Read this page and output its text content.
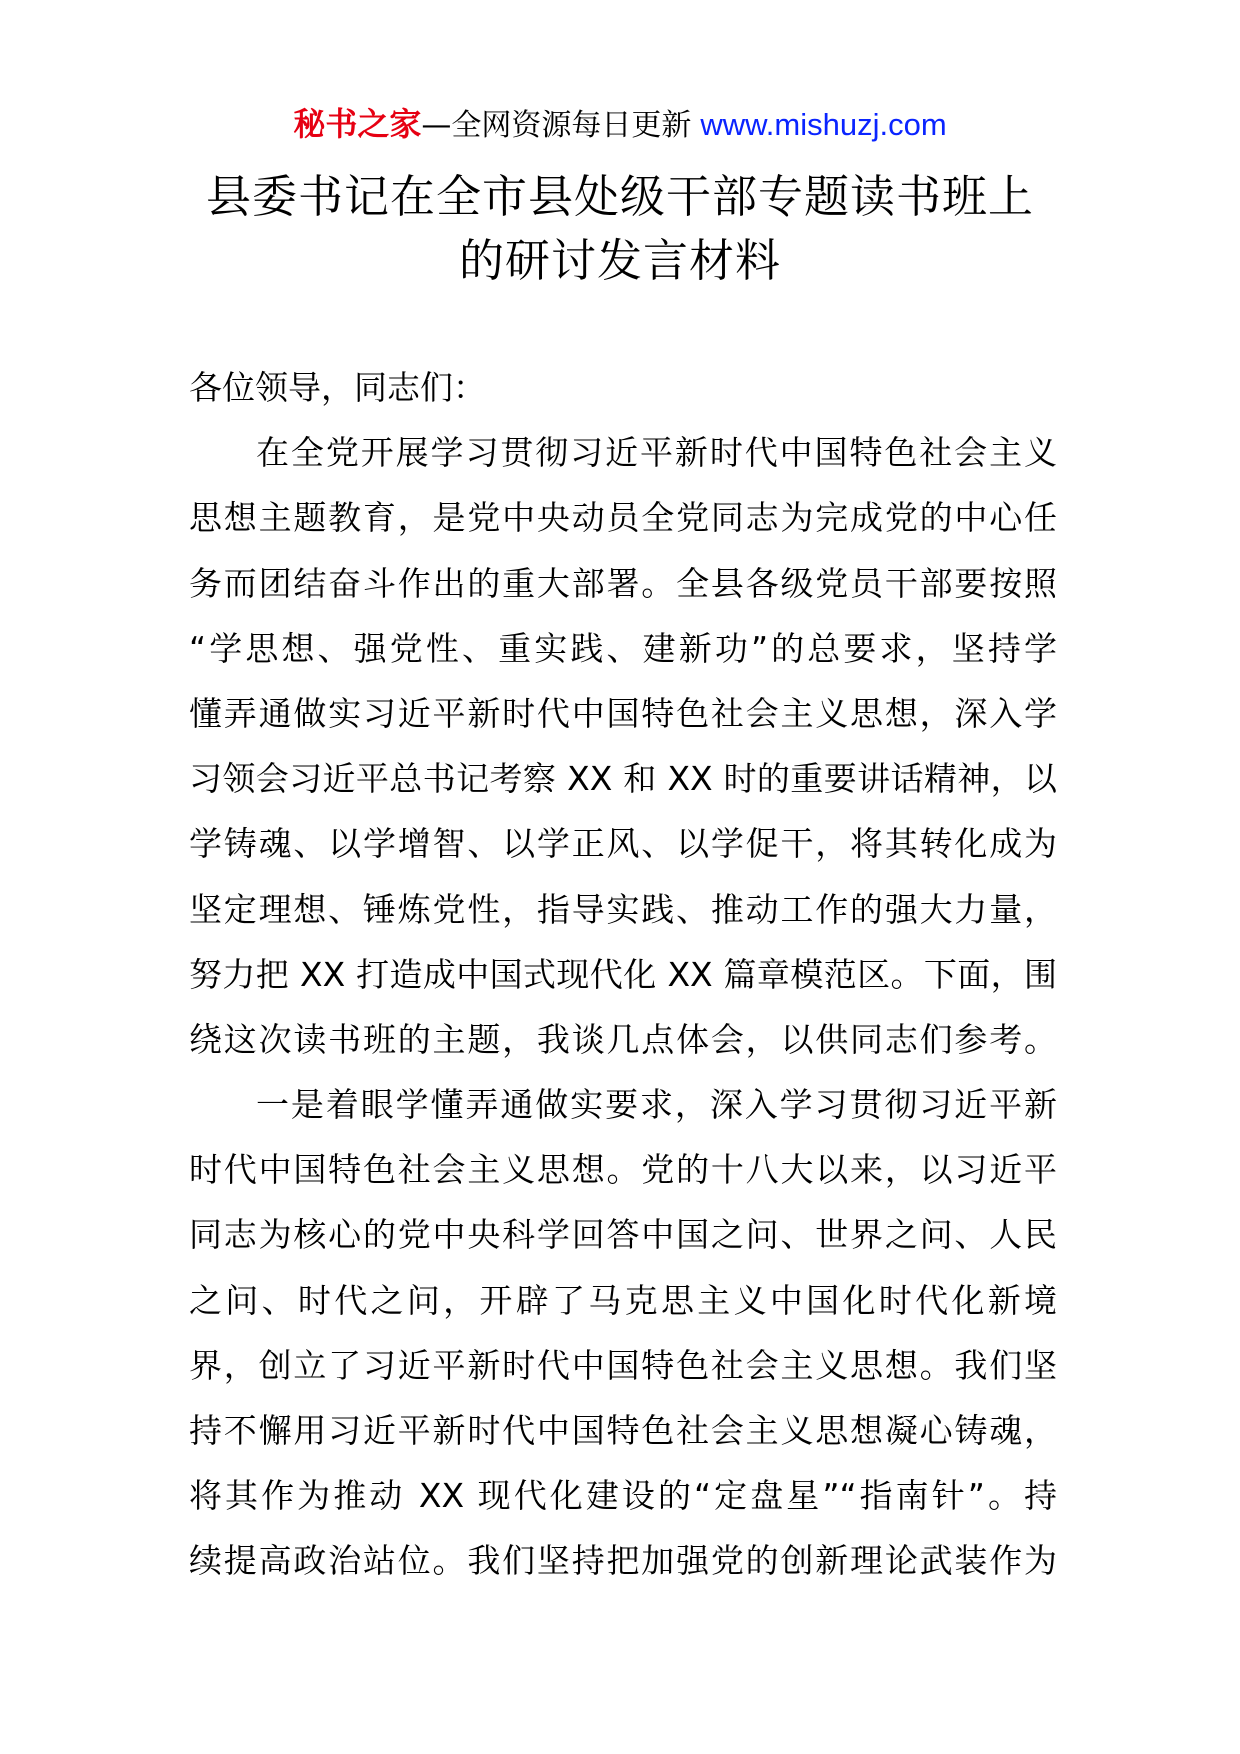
秘书之家—全网资源每日更新 www.mishuzj.com
县委书记在全市县处级干部专题读书班上
的研讨发言材料
各位领导，同志们：
在全党开展学习贯彻习近平新时代中国特色社会主义
思想主题教育，是党中央动员全党同志为完成党的中心任
务而团结奋斗作出的重大部署。全县各级党员干部要按照
“学思想、强党性、重实践、建新功”的总要求，坚持学
懂弄通做实习近平新时代中国特色社会主义思想，深入学
习领会习近平总书记考察 XX 和 XX 时的重要讲话精神，以
学铸魂、以学增智、以学正风、以学促干，将其转化成为
坚定理想、锤炼党性，指导实践、推动工作的强大力量，
努力把 XX 打造成中国式现代化 XX 篇章模范区。下面，围
绕这次读书班的主题，我谈几点体会，以供同志们参考。
一是着眼学懂弄通做实要求，深入学习贯彻习近平新
时代中国特色社会主义思想。党的十八大以来，以习近平
同志为核心的党中央科学回答中国之问、世界之问、人民
之问、时代之问，开辟了马克思主义中国化时代化新境
界，创立了习近平新时代中国特色社会主义思想。我们坚
持不懈用习近平新时代中国特色社会主义思想凝心铸魂，
将其作为推动 XX 现代化建设的“定盘星”“指南针”。持
续提高政治站位。我们坚持把加强党的创新理论武装作为
